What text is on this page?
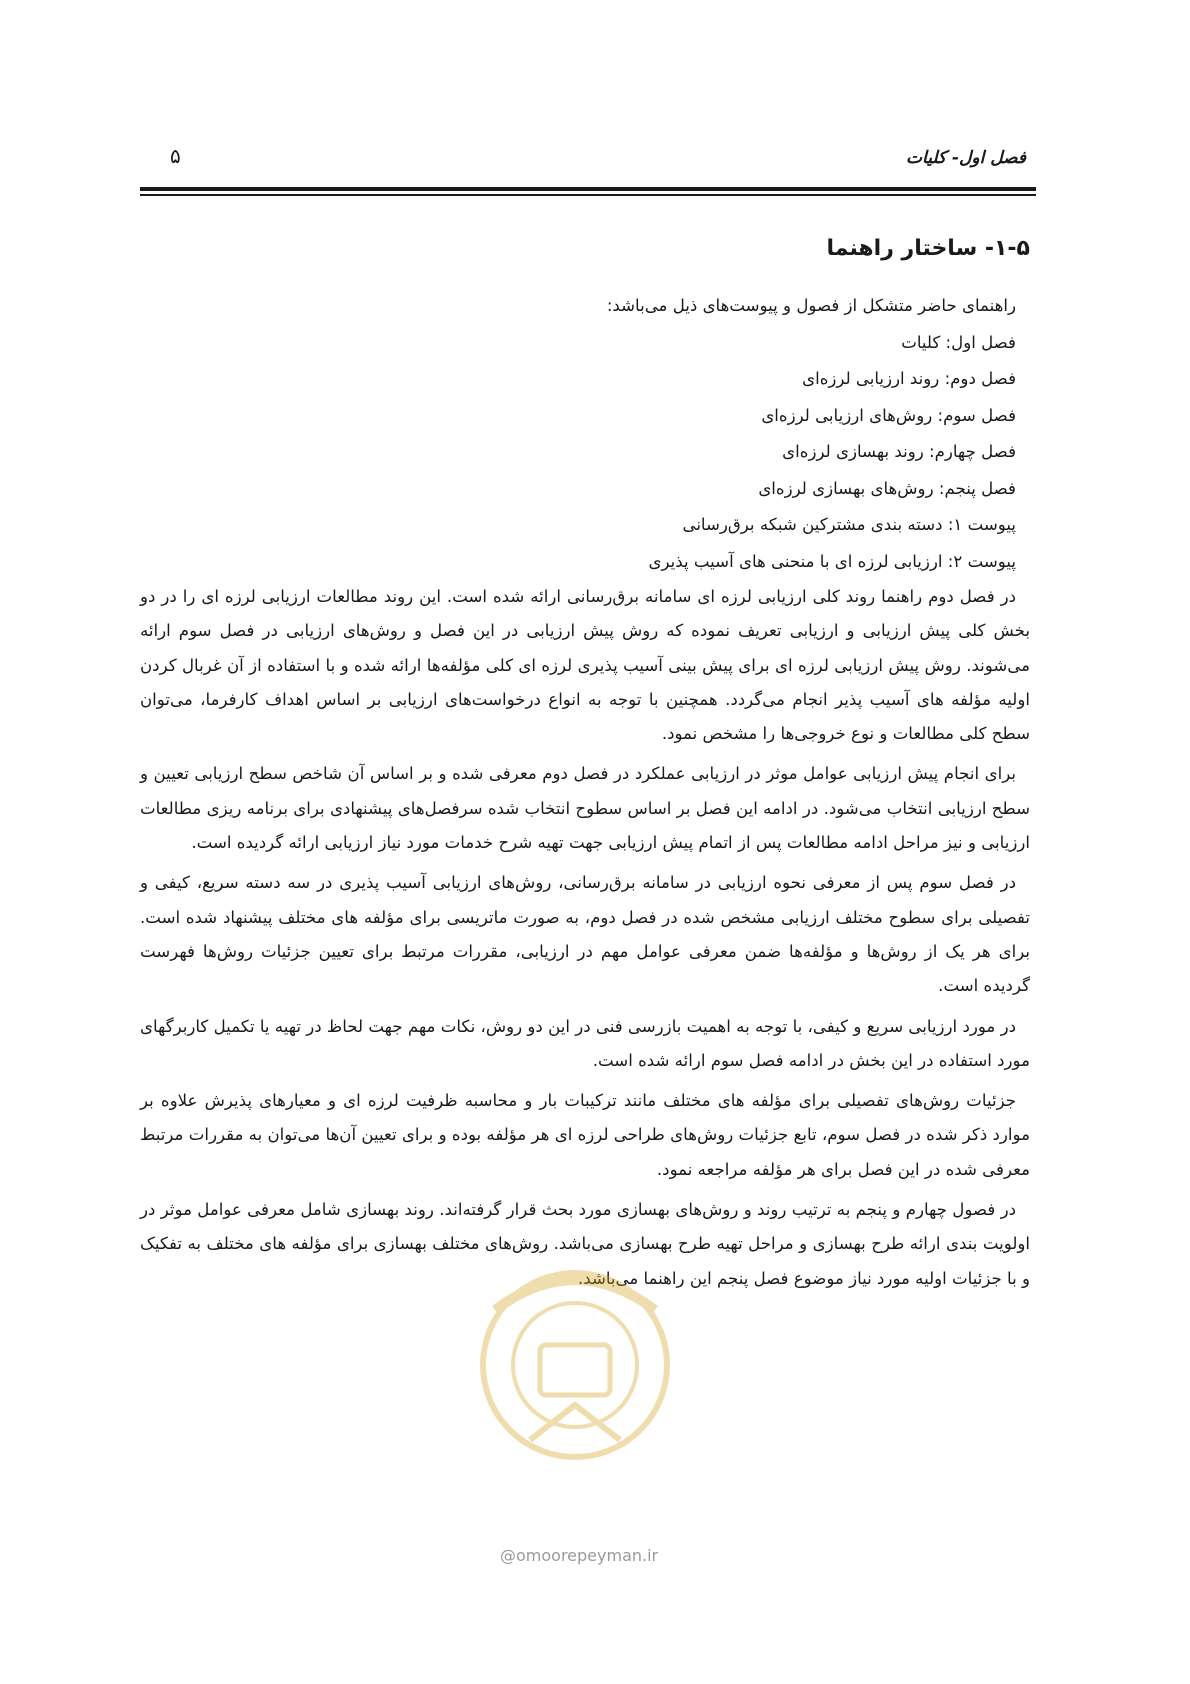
فصل اول- کلیات
۵
۱-۵- ساختار راهنما

راهنمای حاضر متشکل از فصول و پیوست‌های ذیل می‌باشد:

فصل اول: کلیات

فصل دوم: روند ارزیابی لرزه‌ای

فصل سوم: روش‌های ارزیابی لرزه‌ای

فصل چهارم: روند بهسازی لرزه‌ای

فصل پنجم: روش‌های بهسازی لرزه‌ای

پیوست ۱: دسته بندی مشترکین شبکه برق‌رسانی

پیوست ۲: ارزیابی لرزه ای با منحنی های آسیب پذیری

در فصل دوم راهنما روند کلی ارزیابی لرزه ای سامانه برق‌رسانی ارائه شده است. این روند مطالعات ارزیابی لرزه ای را در دو بخش کلی پیش ارزیابی و ارزیابی تعریف نموده که روش پیش ارزیابی در این فصل و روش‌های ارزیابی در فصل سوم ارائه می‌شوند. روش پیش ارزیابی لرزه ای برای پیش بینی آسیب پذیری لرزه ای کلی مؤلفه‌ها ارائه شده و با استفاده از آن غربال کردن اولیه مؤلفه های آسیب پذیر انجام می‌گردد. همچنین با توجه به انواع درخواست‌های ارزیابی بر اساس اهداف کارفرما، می‌توان سطح کلی مطالعات و نوع خروجی‌ها را مشخص نمود.

برای انجام پیش ارزیابی عوامل موثر در ارزیابی عملکرد در فصل دوم معرفی شده و بر اساس آن شاخص سطح ارزیابی تعیین و سطح ارزیابی انتخاب می‌شود. در ادامه این فصل بر اساس سطوح انتخاب شده سرفصل‌های پیشنهادی برای برنامه ریزی مطالعات ارزیابی و نیز مراحل ادامه مطالعات پس از اتمام پیش ارزیابی جهت تهیه شرح خدمات مورد نیاز ارزیابی ارائه گردیده است.

در فصل سوم پس از معرفی نحوه ارزیابی در سامانه برق‌رسانی، روش‌های ارزیابی آسیب پذیری در سه دسته سریع، کیفی و تفصیلی برای سطوح مختلف ارزیابی مشخص شده در فصل دوم، به صورت ماتریسی برای مؤلفه های مختلف پیشنهاد شده است. برای هر یک از روش‌ها و مؤلفه‌ها ضمن معرفی عوامل مهم در ارزیابی، مقررات مرتبط برای تعیین جزئیات روش‌ها فهرست گردیده است.

در مورد ارزیابی سریع و کیفی، با توجه به اهمیت بازرسی فنی در این دو روش، نکات مهم جهت لحاظ در تهیه یا تکمیل کاربرگهای مورد استفاده در این بخش در ادامه فصل سوم ارائه شده است.

جزئیات روش‌های تفصیلی برای مؤلفه های مختلف مانند ترکیبات بار و محاسبه ظرفیت لرزه ای و معیارهای پذیرش علاوه بر موارد ذکر شده در فصل سوم، تابع جزئیات روش‌های طراحی لرزه ای هر مؤلفه بوده و برای تعیین آن‌ها می‌توان به مقررات مرتبط معرفی شده در این فصل برای هر مؤلفه مراجعه نمود.

در فصول چهارم و پنجم به ترتیب روند و روش‌های بهسازی مورد بحث قرار گرفته‌اند. روند بهسازی شامل معرفی عوامل موثر در اولویت بندی ارائه طرح بهسازی و مراحل تهیه طرح بهسازی می‌باشد. روش‌های مختلف بهسازی برای مؤلفه های مختلف به تفکیک و با جزئیات اولیه مورد نیاز موضوع فصل پنجم این راهنما می‌باشد.

@omoorepeyman.ir
